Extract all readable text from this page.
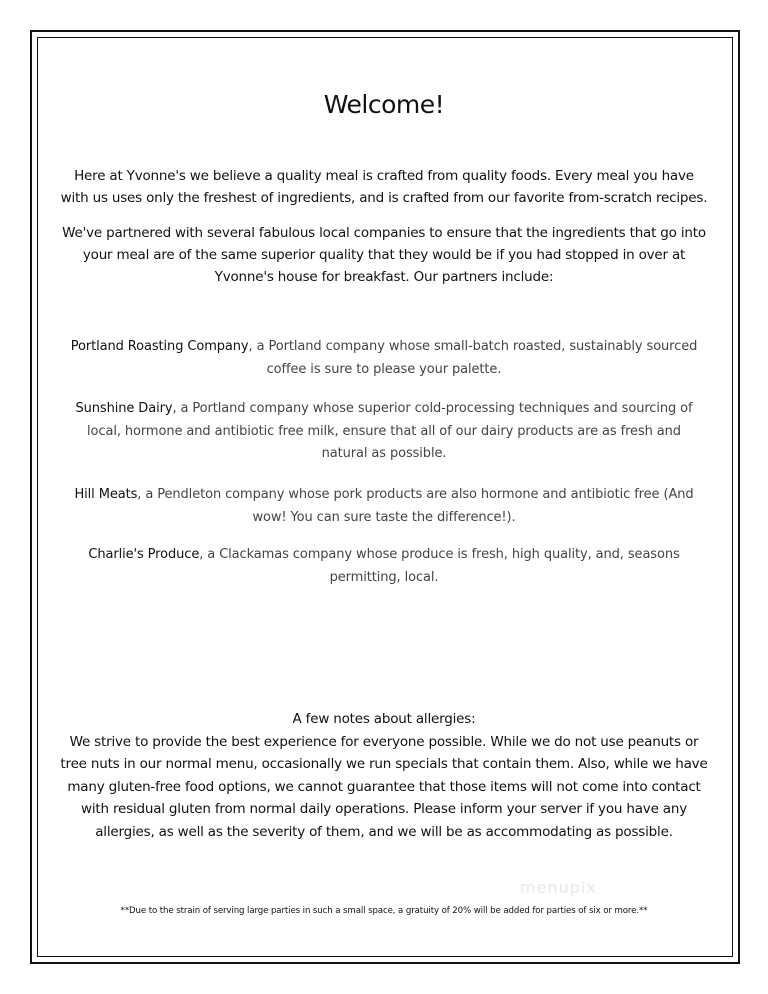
Welcome!
Here at Yvonne's we believe a quality meal is crafted from quality foods. Every meal you have with us uses only the freshest of ingredients, and is crafted from our favorite from-scratch recipes.
We've partnered with several fabulous local companies to ensure that the ingredients that go into your meal are of the same superior quality that they would be if you had stopped in over at Yvonne's house for breakfast. Our partners include:
Portland Roasting Company, a Portland company whose small-batch roasted, sustainably sourced coffee is sure to please your palette.
Sunshine Dairy, a Portland company whose superior cold-processing techniques and sourcing of local, hormone and antibiotic free milk, ensure that all of our dairy products are as fresh and natural as possible.
Hill Meats, a Pendleton company whose pork products are also hormone and antibiotic free (And wow! You can sure taste the difference!).
Charlie's Produce, a Clackamas company whose produce is fresh, high quality, and, seasons permitting, local.
A few notes about allergies:
We strive to provide the best experience for everyone possible. While we do not use peanuts or tree nuts in our normal menu, occasionally we run specials that contain them. Also, while we have many gluten-free food options, we cannot guarantee that those items will not come into contact with residual gluten from normal daily operations. Please inform your server if you have any allergies, as well as the severity of them, and we will be as accommodating as possible.
**Due to the strain of serving large parties in such a small space, a gratuity of 20% will be added for parties of six or more.**
menupix
